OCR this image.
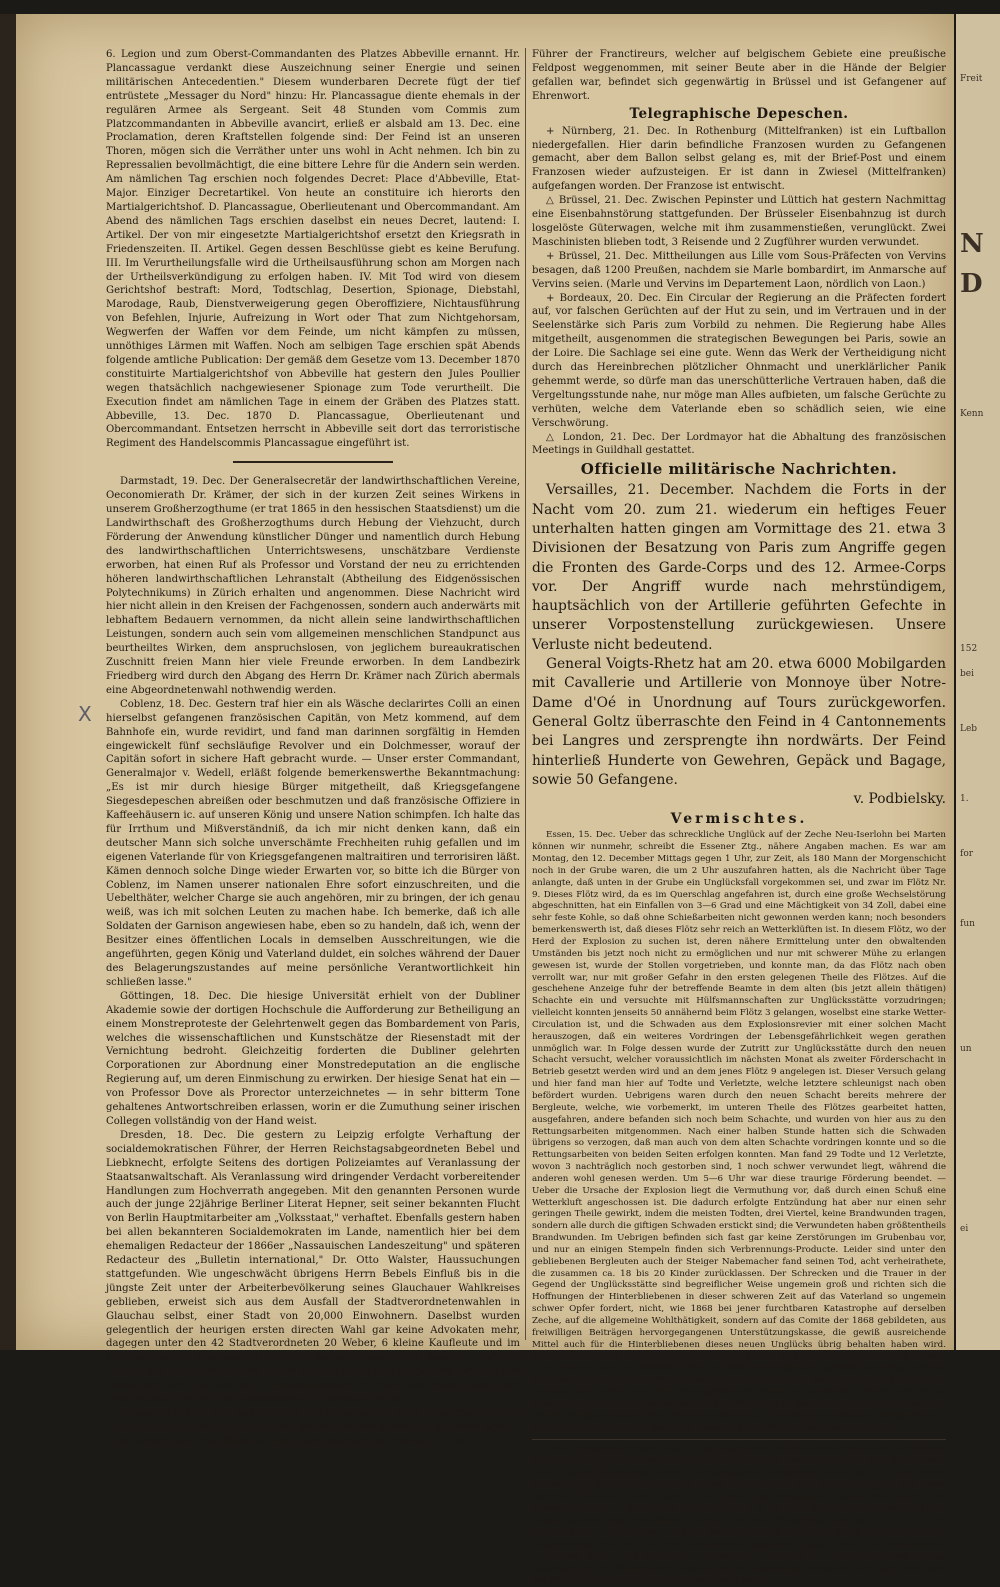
6. Legion und zum Oberst-Commandanten des Platzes Abbeville ernannt. Hr. Plancassague verdankt diese Auszeichnung seiner Energie und seinen militärischen Antecedentien." Diesem wunderbaren Decrete fügt der tief entrüstete „Messager du Nord" hinzu: Hr. Plancassague diente ehemals in der regulären Armee als Sergeant. Seit 48 Stunden vom Commis zum Platzcommandanten in Abbeville avancirt, erließ er alsbald am 13. Dec. eine Proclamation, deren Kraftstellen folgende sind: Der Feind ist an unseren Thoren, mögen sich die Verräther unter uns wohl in Acht nehmen. Ich bin zu Repressalien bevollmächtigt, die eine bittere Lehre für die Andern sein werden. Am nämlichen Tag erschien noch folgendes Decret: Place d'Abbeville, Etat-Major. Einziger Decretartikel. Von heute an constituire ich hierorts den Martialgerichtshof. D. Plancassague, Oberlieutenant und Obercommandant. Am Abend des nämlichen Tags erschien daselbst ein neues Decret, lautend: I. Artikel. Der von mir eingesetzte Martialgerichtshof ersetzt den Kriegsrath in Friedenszeiten. II. Artikel. Gegen dessen Beschlüsse giebt es keine Berufung. III. Im Verurtheilungsfalle wird die Urtheilsausführung schon am Morgen nach der Urtheilsverkündigung zu erfolgen haben. IV. Mit Tod wird von diesem Gerichtshof bestraft: Mord, Todtschlag, Desertion, Spionage, Diebstahl, Marodage, Raub, Dienstverweigerung gegen Oberoffiziere, Nichtausführung von Befehlen, Injurie, Aufreizung in Wort oder That zum Nichtgehorsam, Wegwerfen der Waffen vor dem Feinde, um nicht kämpfen zu müssen, unnöthiges Lärmen mit Waffen. Noch am selbigen Tage erschien spät Abends folgende amtliche Publication: Der gemäß dem Gesetze vom 13. December 1870 constituirte Martialgerichtshof von Abbeville hat gestern den Jules Poullier wegen thatsächlich nachgewiesener Spionage zum Tode verurtheilt. Die Execution findet am nämlichen Tage in einem der Gräben des Platzes statt. Abbeville, 13. Dec. 1870 D. Plancassague, Oberlieutenant und Obercommandant. Entsetzen herrscht in Abbeville seit dort das terroristische Regiment des Handelscommis Plancassague eingeführt ist.

Darmstadt, 19. Dec. Der Generalsecretär der landwirthschaftlichen Vereine, Oeconomierath Dr. Krämer, der sich in der kurzen Zeit seines Wirkens in unserem Großherzogthume (er trat 1865 in den hessischen Staatsdienst) um die Landwirthschaft des Großherzogthums durch Hebung der Viehzucht, durch Förderung der Anwendung künstlicher Dünger und namentlich durch Hebung des landwirthschaftlichen Unterrichtswesens, unschätzbare Verdienste erworben, hat einen Ruf als Professor und Vorstand der neu zu errichtenden höheren landwirthschaftlichen Lehranstalt (Abtheilung des Eidgenössischen Polytechnikums) in Zürich erhalten und angenommen. Diese Nachricht wird hier nicht allein in den Kreisen der Fachgenossen, sondern auch anderwärts mit lebhaftem Bedauern vernommen, da nicht allein seine landwirthschaftlichen Leistungen, sondern auch sein vom allgemeinen menschlichen Standpunct aus beurtheiltes Wirken, dem anspruchslosen, von jeglichem bureaukratischen Zuschnitt freien Mann hier viele Freunde erworben. In dem Landbezirk Friedberg wird durch den Abgang des Herrn Dr. Krämer nach Zürich abermals eine Abgeordnetenwahl nothwendig werden.

Coblenz, 18. Dec. Gestern traf hier ein als Wäsche declarirtes Colli an einen hierselbst gefangenen französischen Capitän, von Metz kommend, auf dem Bahnhofe ein, wurde revidirt, und fand man darinnen sorgfältig in Hemden eingewickelt fünf sechsläufige Revolver und ein Dolchmesser, worauf der Capitän sofort in sichere Haft gebracht wurde. — Unser erster Commandant, Generalmajor v. Wedell, erläßt folgende bemerkenswerthe Bekanntmachung: „Es ist mir durch hiesige Bürger mitgetheilt, daß Kriegsgefangene Siegesdepeschen abreißen oder beschmutzen und daß französische Offiziere in Kaffeehäusern ic. auf unseren König und unsere Nation schimpfen. Ich halte das für Irrthum und Mißverständniß, da ich mir nicht denken kann, daß ein deutscher Mann sich solche unverschämte Frechheiten ruhig gefallen und im eigenen Vaterlande für von Kriegsgefangenen maltraitiren und terrorisiren läßt. Kämen dennoch solche Dinge wieder Erwarten vor, so bitte ich die Bürger von Coblenz, im Namen unserer nationalen Ehre sofort einzuschreiten, und die Uebelthäter, welcher Charge sie auch angehören, mir zu bringen, der ich genau weiß, was ich mit solchen Leuten zu machen habe. Ich bemerke, daß ich alle Soldaten der Garnison angewiesen habe, eben so zu handeln, daß ich, wenn der Besitzer eines öffentlichen Locals in demselben Ausschreitungen, wie die angeführten, gegen König und Vaterland duldet, ein solches während der Dauer des Belagerungszustandes auf meine persönliche Verantwortlichkeit hin schließen lasse."

Göttingen, 18. Dec. Die hiesige Universität erhielt von der Dubliner Akademie sowie der dortigen Hochschule die Aufforderung zur Betheiligung an einem Monstreproteste der Gelehrtenwelt gegen das Bombardement von Paris, welches die wissenschaftlichen und Kunstschätze der Riesenstadt mit der Vernichtung bedroht. Gleichzeitig forderten die Dubliner gelehrten Corporationen zur Abordnung einer Monstredeputation an die englische Regierung auf, um deren Einmischung zu erwirken. Der hiesige Senat hat ein — von Professor Dove als Prorector unterzeichnetes — in sehr bitterm Tone gehaltenes Antwortschreiben erlassen, worin er die Zumuthung seiner irischen Collegen vollständig von der Hand weist.

Dresden, 18. Dec. Die gestern zu Leipzig erfolgte Verhaftung der socialdemokratischen Führer, der Herren Reichstagsabgeordneten Bebel und Liebknecht, erfolgte Seitens des dortigen Polizeiamtes auf Veranlassung der Staatsanwaltschaft. Als Veranlassung wird dringender Verdacht vorbereitender Handlungen zum Hochverrath angegeben. Mit den genannten Personen wurde auch der junge 22jährige Berliner Literat Hepner, seit seiner bekannten Flucht von Berlin Hauptmitarbeiter am „Volksstaat," verhaftet. Ebenfalls gestern haben bei allen bekannteren Socialdemokraten im Lande, namentlich hier bei dem ehemaligen Redacteur der 1866er „Nassauischen Landeszeitung" und späteren Redacteur des „Bulletin international," Dr. Otto Walster, Haussuchungen stattgefunden. Wie ungeschwächt übrigens Herrn Bebels Einfluß bis in die jüngste Zeit unter der Arbeiterbevölkerung seines Glauchauer Wahlkreises geblieben, erweist sich aus dem Ausfall der Stadtverordnetenwahlen in Glauchau selbst, einer Stadt von 20,000 Einwohnern. Daselbst wurden gelegentlich der heurigen ersten directen Wahl gar keine Advokaten mehr, dagegen unter den 42 Stadtverordneten 20 Weber, 6 kleine Kaufleute und im Uebrigen lauter Handwerker gewählt. Bemerkenswerth ist dagegen, daß der Einfluß der Socialdemokraten sich in Leipzig selbst und Umgegend fort und fort verkleinert und sie bei den Gemeindewahlen in dem von ihnen sonst fast beherrschten Gohlis eine entschiedene Niederlage erlitten.

Brüssel, 17. Dec. Wie aus sicherer Quelle verlautet, wird Antwerpen jetzt in vollständigen Vertheidigungszustand gesetzt. Bisher waren nur die Forts armirt; jetzt werden auch die Wälle der Stadt ihre Ausrüstung erhalten. — Der

Führer der Franctireurs, welcher auf belgischem Gebiete eine preußische Feldpost weggenommen, mit seiner Beute aber in die Hände der Belgier gefallen war, befindet sich gegenwärtig in Brüssel und ist Gefangener auf Ehrenwort.

Telegraphische Depeschen.

+ Nürnberg, 21. Dec. In Rothenburg (Mittelfranken) ist ein Luftballon niedergefallen. Hier darin befindliche Franzosen wurden zu Gefangenen gemacht, aber dem Ballon selbst gelang es, mit der Brief-Post und einem Franzosen wieder aufzusteigen. Er ist dann in Zwiesel (Mittelfranken) aufgefangen worden. Der Franzose ist entwischt.

△ Brüssel, 21. Dec. Zwischen Pepinster und Lüttich hat gestern Nachmittag eine Eisenbahnstörung stattgefunden. Der Brüsseler Eisenbahnzug ist durch losgelöste Güterwagen, welche mit ihm zusammenstießen, verunglückt. Zwei Maschinisten blieben todt, 3 Reisende und 2 Zugführer wurden verwundet.

+ Brüssel, 21. Dec. Mittheilungen aus Lille vom Sous-Präfecten von Vervins besagen, daß 1200 Preußen, nachdem sie Marle bombardirt, im Anmarsche auf Vervins seien. (Marle und Vervins im Departement Laon, nördlich von Laon.)

+ Bordeaux, 20. Dec. Ein Circular der Regierung an die Präfecten fordert auf, vor falschen Gerüchten auf der Hut zu sein, und im Vertrauen und in der Seelenstärke sich Paris zum Vorbild zu nehmen. Die Regierung habe Alles mitgetheilt, ausgenommen die strategischen Bewegungen bei Paris, sowie an der Loire. Die Sachlage sei eine gute. Wenn das Werk der Vertheidigung nicht durch das Hereinbrechen plötzlicher Ohnmacht und unerklärlicher Panik gehemmt werde, so dürfe man das unerschütterliche Vertrauen haben, daß die Vergeltungsstunde nahe, nur möge man Alles aufbieten, um falsche Gerüchte zu verhüten, welche dem Vaterlande eben so schädlich seien, wie eine Verschwörung.

△ London, 21. Dec. Der Lordmayor hat die Abhaltung des französischen Meetings in Guildhall gestattet.

Officielle militärische Nachrichten.

Versailles, 21. December. Nachdem die Forts in der Nacht vom 20. zum 21. wiederum ein heftiges Feuer unterhalten hatten gingen am Vormittage des 21. etwa 3 Divisionen der Besatzung von Paris zum Angriffe gegen die Fronten des Garde-Corps und des 12. Armee-Corps vor. Der Angriff wurde nach mehrstündigem, hauptsächlich von der Artillerie geführten Gefechte in unserer Vorpostenstellung zurückgewiesen. Unsere Verluste nicht bedeutend.

General Voigts-Rhetz hat am 20. etwa 6000 Mobilgarden mit Cavallerie und Artillerie von Monnoye über Notre-Dame d'Oé in Unordnung auf Tours zurückgeworfen. General Goltz überraschte den Feind in 4 Cantonnements bei Langres und zersprengte ihn nordwärts. Der Feind hinterließ Hunderte von Gewehren, Gepäck und Bagage, sowie 50 Gefangene.

v. Podbielsky.

Vermischtes.

Essen, 15. Dec. Ueber das schreckliche Unglück auf der Zeche Neu-Iserlohn bei Marten können wir nunmehr, schreibt die Essener Ztg., nähere Angaben machen. Es war am Montag, den 12. December Mittags gegen 1 Uhr, zur Zeit, als 180 Mann der Morgenschicht noch in der Grube waren, die um 2 Uhr auszufahren hatten, als die Nachricht über Tage anlangte, daß unten in der Grube ein Unglücksfall vorgekommen sei, und zwar im Flötz Nr. 9. Dieses Flötz wird, da es im Querschlag angefahren ist, durch eine große Wechselstörung abgeschnitten, hat ein Einfallen von 3—6 Grad und eine Mächtigkeit von 34 Zoll, dabei eine sehr feste Kohle, so daß ohne Schießarbeiten nicht gewonnen werden kann; noch besonders bemerkenswerth ist, daß dieses Flötz sehr reich an Wetterklüften ist. In diesem Flötz, wo der Herd der Explosion zu suchen ist, deren nähere Ermittelung unter den obwaltenden Umständen bis jetzt noch nicht zu ermöglichen und nur mit schwerer Mühe zu erlangen gewesen ist, wurde der Stollen vorgetrieben, und konnte man, da das Flötz nach oben verrollt war, nur mit großer Gefahr in den ersten gelegenen Theile des Flötzes. Auf die geschehene Anzeige fuhr der betreffende Beamte in dem alten (bis jetzt allein thätigen) Schachte ein und versuchte mit Hülfsmannschaften zur Unglücksstätte vorzudringen; vielleicht konnten jenseits 50 annähernd beim Flötz 3 gelangen, woselbst eine starke Wetter-Circulation ist, und die Schwaden aus dem Explosionsrevier mit einer solchen Macht herauszogen, daß ein weiteres Vordringen der Lebensgefährlichkeit wegen gerathen unmöglich war. In Folge dessen wurde der Zutritt zur Unglücksstätte durch den neuen Schacht versucht, welcher voraussichtlich im nächsten Monat als zweiter Förderschacht in Betrieb gesetzt werden wird und an dem jenes Flötz 9 angelegen ist. Dieser Versuch gelang und hier fand man hier auf Todte und Verletzte, welche letztere schleunigst nach oben befördert wurden. Uebrigens waren durch den neuen Schacht bereits mehrere der Bergleute, welche, wie vorbemerkt, im unteren Theile des Flötzes gearbeitet hatten, ausgefahren, andere befanden sich noch beim Schachte, und wurden von hier aus zu den Rettungsarbeiten mitgenommen. Nach einer halben Stunde hatten sich die Schwaden übrigens so verzogen, daß man auch von dem alten Schachte vordringen konnte und so die Rettungsarbeiten von beiden Seiten erfolgen konnten. Man fand 29 Todte und 12 Verletzte, wovon 3 nachträglich noch gestorben sind, 1 noch schwer verwundet liegt, während die anderen wohl genesen werden. Um 5—6 Uhr war diese traurige Förderung beendet. — Ueber die Ursache der Explosion liegt die Vermuthung vor, daß durch einen Schuß eine Wetterkluft angeschossen ist. Die dadurch erfolgte Entzündung hat aber nur einen sehr geringen Theile gewirkt, indem die meisten Todten, drei Viertel, keine Brandwunden tragen, sondern alle durch die giftigen Schwaden erstickt sind; die Verwundeten haben größtentheils Brandwunden. Im Uebrigen befinden sich fast gar keine Zerstörungen im Grubenbau vor, und nur an einigen Stempeln finden sich Verbrennungs-Producte. Leider sind unter den gebliebenen Bergleuten auch der Steiger Nabemacher fand seinen Tod, acht verheirathete, die zusammen ca. 18 bis 20 Kinder zurücklassen. Der Schrecken und die Trauer in der Gegend der Unglücksstätte sind begreiflicher Weise ungemein groß und richten sich die Hoffnungen der Hinterbliebenen in dieser schweren Zeit auf das Vaterland so ungemein schwer Opfer fordert, nicht, wie 1868 bei jener furchtbaren Katastrophe auf derselben Zeche, auf die allgemeine Wohlthätigkeit, sondern auf das Comite der 1868 gebildeten, aus freiwilligen Beiträgen hervorgegangenen Unterstützungskasse, die gewiß ausreichende Mittel auch für die Hinterbliebenen dieses neuen Unglücks übrig behalten haben wird. Manche der damals unterstützungsbedürftigen Frauen sind jetzt wieder durch neue Heirath ic. in bessere Lage, und deßhalb hoffen wir, daß dieser allgemein gehegte Vorschlag günstige Aufnahme am betreffenden Stelle finden möge. Schließlich sei noch erwähnt, daß die Herren Beamten der Zeche noch den Rettungsarbeiten energisch gearbeitet, welche Schuld bei diesem Unglücksfalle zuzuschreiben ist. Der Wetterzug ist ganz außerordentlich lebhaft. Die Herren Berghauptmann Prinz Schönaich-Karolath, Ober-Bergrath Wagener, Bergmeister v. Meßfelde haben die Stelle besuchen lassen und die ordnungsmäßigkeit constatirt.

* Die „Frankfurter Presse" hat sich seit der kurzen Zeit ihres Bestehens als ein vortrefflich redigirtes, von guten Correspondenten bedientes Blatt bewährt, welches man um so mehr allen Zeitungsabonnenten beim Quartalswechsel empfehlen kann, als es sich durch merkwürdige Billigkeit auszeichnet, indem es bei täglich zwei maliger Ausgabe mit einem täglichen Feuilleton (vom 1. Jan. f. J. an gleich der „Didaskalia"), sowie einer Cours- und Börsenanlage, nur 1 fl. 45 kr. in Frankfurt und 2 fl. 12 kr. in Süddeutschland vierteljährlich kostet, während das „Frankfurter Journal" und die „Frankfurter Zeitung" 3 fl. 20 kr. pro Quartal kosten. Dazu kommt, daß die beiden letzteren Zeitungen durch ihre fortwährende unpatriotische Haltung und ihre tendenziöse Opposition gegen unser neu entstandenes „deutsches Reich" und die Männer, denen wir, im Verein mit unserer tapferen Armee, hauptsächlich die Wiedergeburt unseres großen Vaterlandes verdanken, sich mehr und mehr das Mißfallen aller wahren Patrioten verschafft machen.

X
Freit
N
D
Kenn
152
bei
Leb
1.
for
fun
un
ei
